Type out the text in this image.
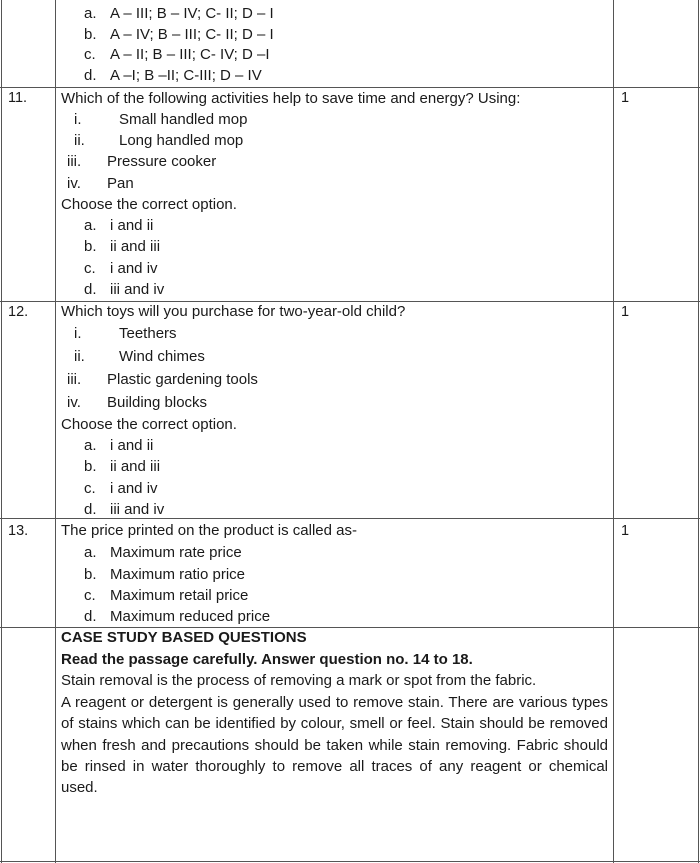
a. A – III; B – IV; C- II; D – I
b. A – IV; B – III; C- II; D – I
c. A – II; B – III; C- IV; D –I
d. A –I; B –II; C-III; D – IV
11. Which of the following activities help to save time and energy? Using:	1
i.	Small handled mop
ii. Long handled mop
iii. Pressure cooker
iv. Pan
Choose the correct option.
a. i and ii
b. ii and iii
c. i and iv
d. iii and iv
12. Which toys will you purchase for two-year-old child?	1
i.	Teethers
ii. Wind chimes
iii. Plastic gardening tools
iv. Building blocks
Choose the correct option.
a. i and ii
b. ii and iii
c. i and iv
d. iii and iv
13. The price printed on the product is called as-	1
a. Maximum rate price
b. Maximum ratio price
c. Maximum retail price
d. Maximum reduced price
CASE STUDY BASED QUESTIONS
Read the passage carefully. Answer question no. 14 to 18.
Stain removal is the process of removing a mark or spot from the fabric.
A reagent or detergent is generally used to remove stain. There are various types of stains which can be identified by colour, smell or feel. Stain should be removed when fresh and precautions should be taken while stain removing. Fabric should be rinsed in water thoroughly to remove all traces of any reagent or chemical used.
